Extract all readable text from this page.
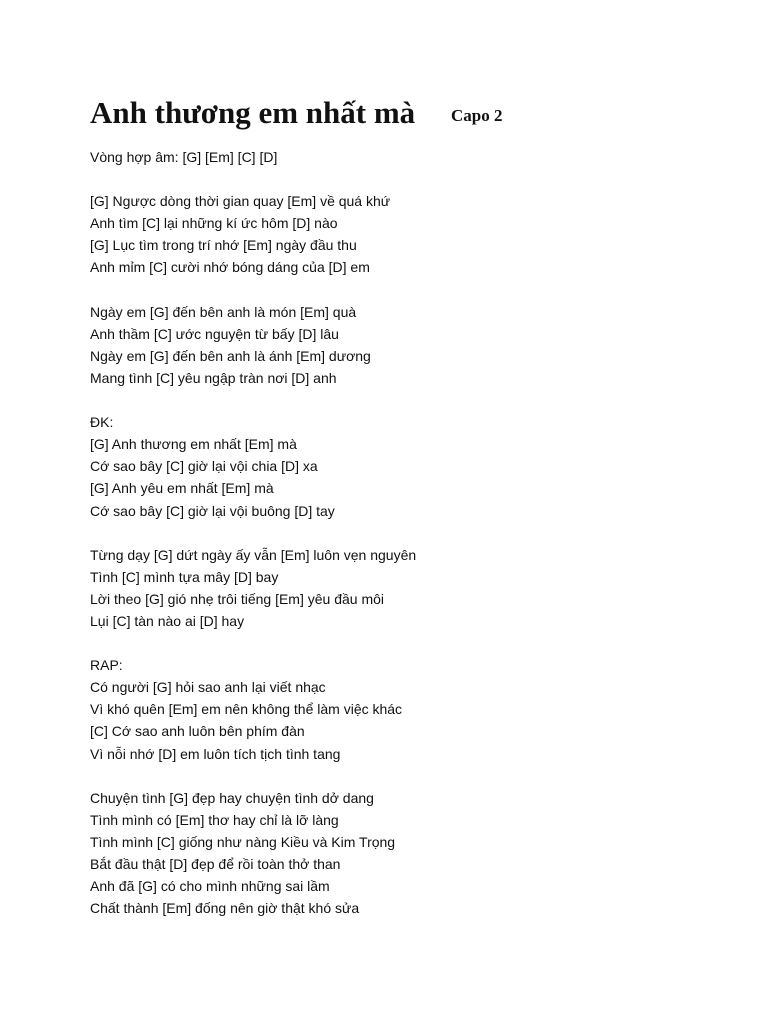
Anh thương em nhất mà Capo 2
Vòng hợp âm: [G] [Em] [C] [D]
[G] Ngược dòng thời gian quay [Em] về quá khứ
Anh tìm [C] lại những kí ức hôm [D] nào
[G] Lục tìm trong trí nhớ [Em] ngày đầu thu
Anh mỉm [C] cười nhớ bóng dáng của [D] em
Ngày em [G] đến bên anh là món [Em] quà
Anh thầm [C] ước nguyện từ bấy [D] lâu
Ngày em [G] đến bên anh là ánh [Em] dương
Mang tình [C] yêu ngập tràn nơi [D] anh
ĐK:
[G] Anh thương em nhất [Em] mà
Cớ sao bây [C] giờ lại vội chia [D] xa
[G] Anh yêu em nhất [Em] mà
Cớ sao bây [C] giờ lại vội buông [D] tay
Từng dạy [G] dứt ngày ấy vẫn [Em] luôn vẹn nguyên
Tình [C] mình tựa mây [D] bay
Lời theo [G] gió nhẹ trôi tiếng [Em] yêu đầu môi
Lụi [C] tàn nào ai [D] hay
RAP:
Có người [G] hỏi sao anh lại viết nhạc
Vì khó quên [Em] em nên không thể làm việc khác
[C] Cớ sao anh luôn bên phím đàn
Vì nỗi nhớ [D] em luôn tích tịch tình tang
Chuyện tình [G] đẹp hay chuyện tình dở dang
Tình mình có [Em] thơ hay chỉ là lỡ làng
Tình mình [C] giống như nàng Kiều và Kim Trọng
Bắt đầu thật [D] đẹp để rồi toàn thở than
Anh đã [G] có cho mình những sai lầm
Chất thành [Em] đống nên giờ thật khó sửa
